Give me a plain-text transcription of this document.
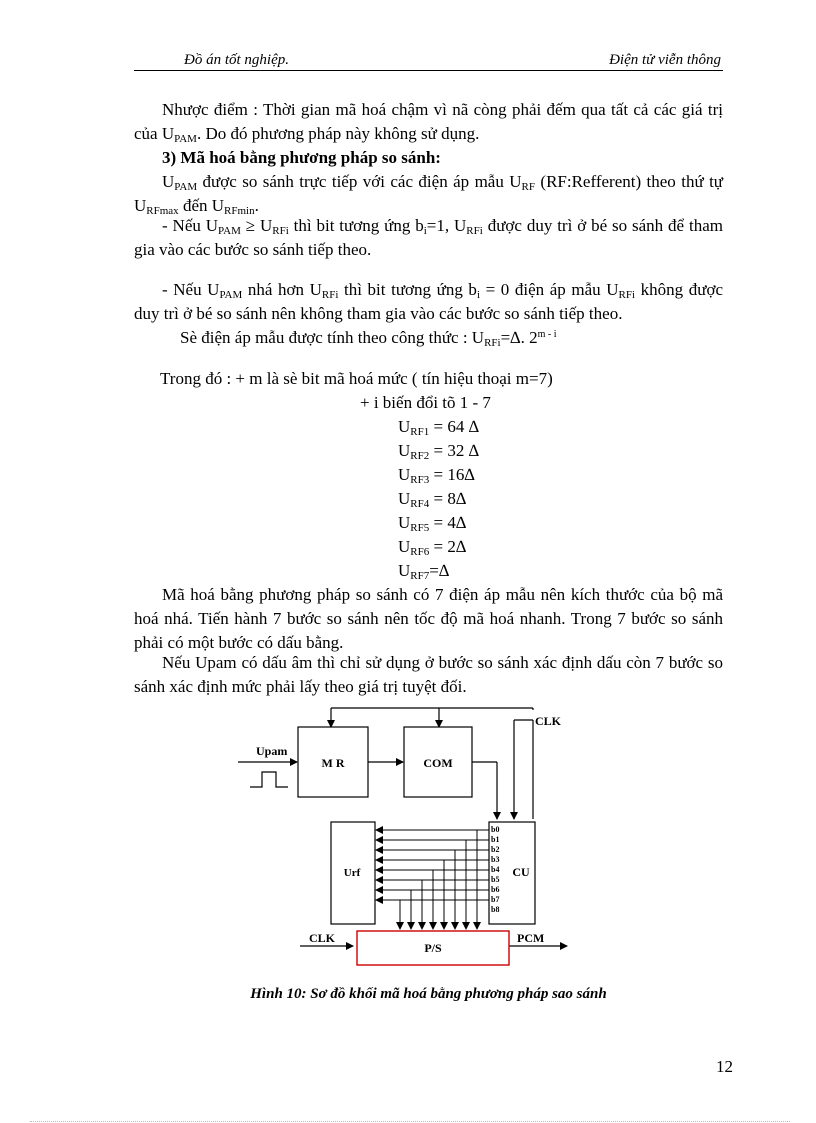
Đồ án tốt nghiệp.	Điện tử viễn thông

Nhược điểm : Thời gian mã hoá chậm vì nã còng phải đếm qua tất cả các giá trị của $U_{PAM}$. Do đó phương pháp này không sử dụng.

3) Mã hoá bằng phương pháp so sánh:

$U_{PAM}$ được so sánh trực tiếp với các điện áp mẫu $U_{RF}$ (RF:Refferent) theo thứ tự $U_{RFmax}$ đến $U_{RFmin}$.

- Nếu $U_{PAM} \ge U_{RFi}$ thì bit tương ứng $b_i=1$, $U_{RFi}$ được duy trì ở bé so sánh để tham gia vào các bước so sánh tiếp theo.

- Nếu $U_{PAM}$ nhá hơn $U_{RFi}$ thì bit tương ứng $b_i = 0$ điện áp mẫu $U_{RFi}$ không được duy trì ở bé so sánh nên không tham gia vào các bước so sánh tiếp theo.

Sè điện áp mẫu được tính theo công thức : $U_{RFi}=\Delta$. 2$^{m - i}$

Trong đó : + m là sè bit mã hoá mức ( tín hiệu thoại m=7)

+ i biến đổi tõ 1 - 7

$U_{RF1} = 64$ ∆

$U_{RF2} = 32$ ∆

$U_{RF3} = 16\Delta$

$U_{RF4} = 8\Delta$

$U_{RF5} = 4\Delta$

$U_{RF6} = 2\Delta$

$U_{RF7}=\Delta$

Mã hoá bằng phương pháp so sánh có 7 điện áp mẫu nên kích thước của bộ mã hoá nhá. Tiến hành 7 bước so sánh nên tốc độ mã hoá nhanh. Trong 7 bước so sánh phải có một bước có dấu bằng.

Nếu Upam có dấu âm thì chỉ sử dụng ở bước so sánh xác định dấu còn 7 bước so sánh xác định mức phải lấy theo giá trị tuyệt đối.

CLK
Upam
M R	COM
Urf	CU
b0
b1
b2
b3
b4
b5
b6
b7
b8
CLK
P/S
PCM
Hình 10: Sơ đồ khối mã hoá bằng phương pháp sao sánh
12
